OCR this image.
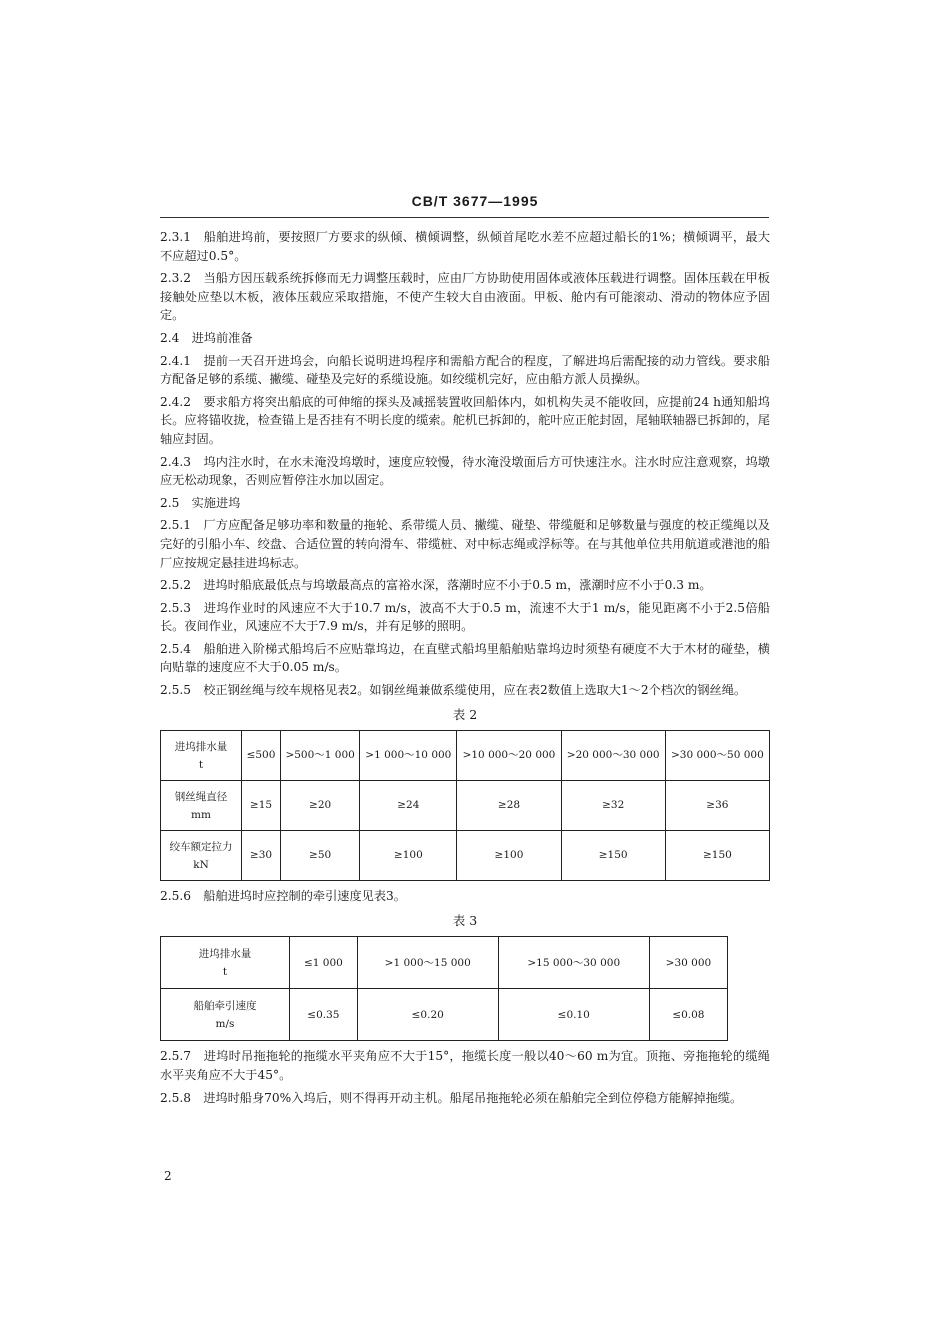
CB/T 3677—1995

2.3.1　船舶进坞前，要按照厂方要求的纵倾、横倾调整，纵倾首尾吃水差不应超过船长的1%；横倾调平，最大不应超过0.5°。

2.3.2　当船方因压载系统拆修而无力调整压载时，应由厂方协助使用固体或液体压载进行调整。固体压载在甲板接触处应垫以木板，液体压载应采取措施，不使产生较大自由液面。甲板、舱内有可能滚动、滑动的物体应予固定。

2.4　进坞前准备

2.4.1　提前一天召开进坞会，向船长说明进坞程序和需船方配合的程度，了解进坞后需配接的动力管线。要求船方配备足够的系缆、撇缆、碰垫及完好的系缆设施。如绞缆机完好，应由船方派人员操纵。

2.4.2　要求船方将突出船底的可伸缩的探头及减摇装置收回船体内，如机构失灵不能收回，应提前24 h通知船坞长。应将锚收拢，检查锚上是否挂有不明长度的缆索。舵机已拆卸的，舵叶应正舵封固，尾轴联轴器已拆卸的，尾轴应封固。

2.4.3　坞内注水时，在水未淹没坞墩时，速度应较慢，待水淹没墩面后方可快速注水。注水时应注意观察，坞墩应无松动现象，否则应暂停注水加以固定。

2.5　实施进坞

2.5.1　厂方应配备足够功率和数量的拖轮、系带缆人员、撇缆、碰垫、带缆艇和足够数量与强度的校正缆绳以及完好的引船小车、绞盘、合适位置的转向滑车、带缆桩、对中标志绳或浮标等。在与其他单位共用航道或港池的船厂应按规定悬挂进坞标志。

2.5.2　进坞时船底最低点与坞墩最高点的富裕水深，落潮时应不小于0.5 m，涨潮时应不小于0.3 m。

2.5.3　进坞作业时的风速应不大于10.7 m/s，波高不大于0.5 m，流速不大于1 m/s，能见距离不小于2.5倍船长。夜间作业，风速应不大于7.9 m/s，并有足够的照明。

2.5.4　船舶进入阶梯式船坞后不应贴靠坞边，在直壁式船坞里船舶贴靠坞边时须垫有硬度不大于木材的碰垫，横向贴靠的速度应不大于0.05 m/s。

2.5.5　校正钢丝绳与绞车规格见表2。如钢丝绳兼做系缆使用，应在表2数值上选取大1～2个档次的钢丝绳。

表 2
进坞排水量
t	≤500	>500～1 000	>1 000～10 000	>10 000～20 000	>20 000～30 000	>30 000～50 000

钢丝绳直径
mm	≥15	≥20	≥24	≥28	≥32	≥36

绞车额定拉力
kN	≥30	≥50	≥100	≥100	≥150	≥150

2.5.6　船舶进坞时应控制的牵引速度见表3。

表 3
进坞排水量
t	≤1 000	>1 000～15 000	>15 000～30 000	>30 000

船舶牵引速度
m/s	≤0.35	≤0.20	≤0.10	≤0.08

2.5.7　进坞时吊拖拖轮的拖缆水平夹角应不大于15°，拖缆长度一般以40～60 m为宜。顶拖、旁拖拖轮的缆绳水平夹角应不大于45°。

2.5.8　进坞时船身70%入坞后，则不得再开动主机。船尾吊拖拖轮必须在船舶完全到位停稳方能解掉拖缆。

2
